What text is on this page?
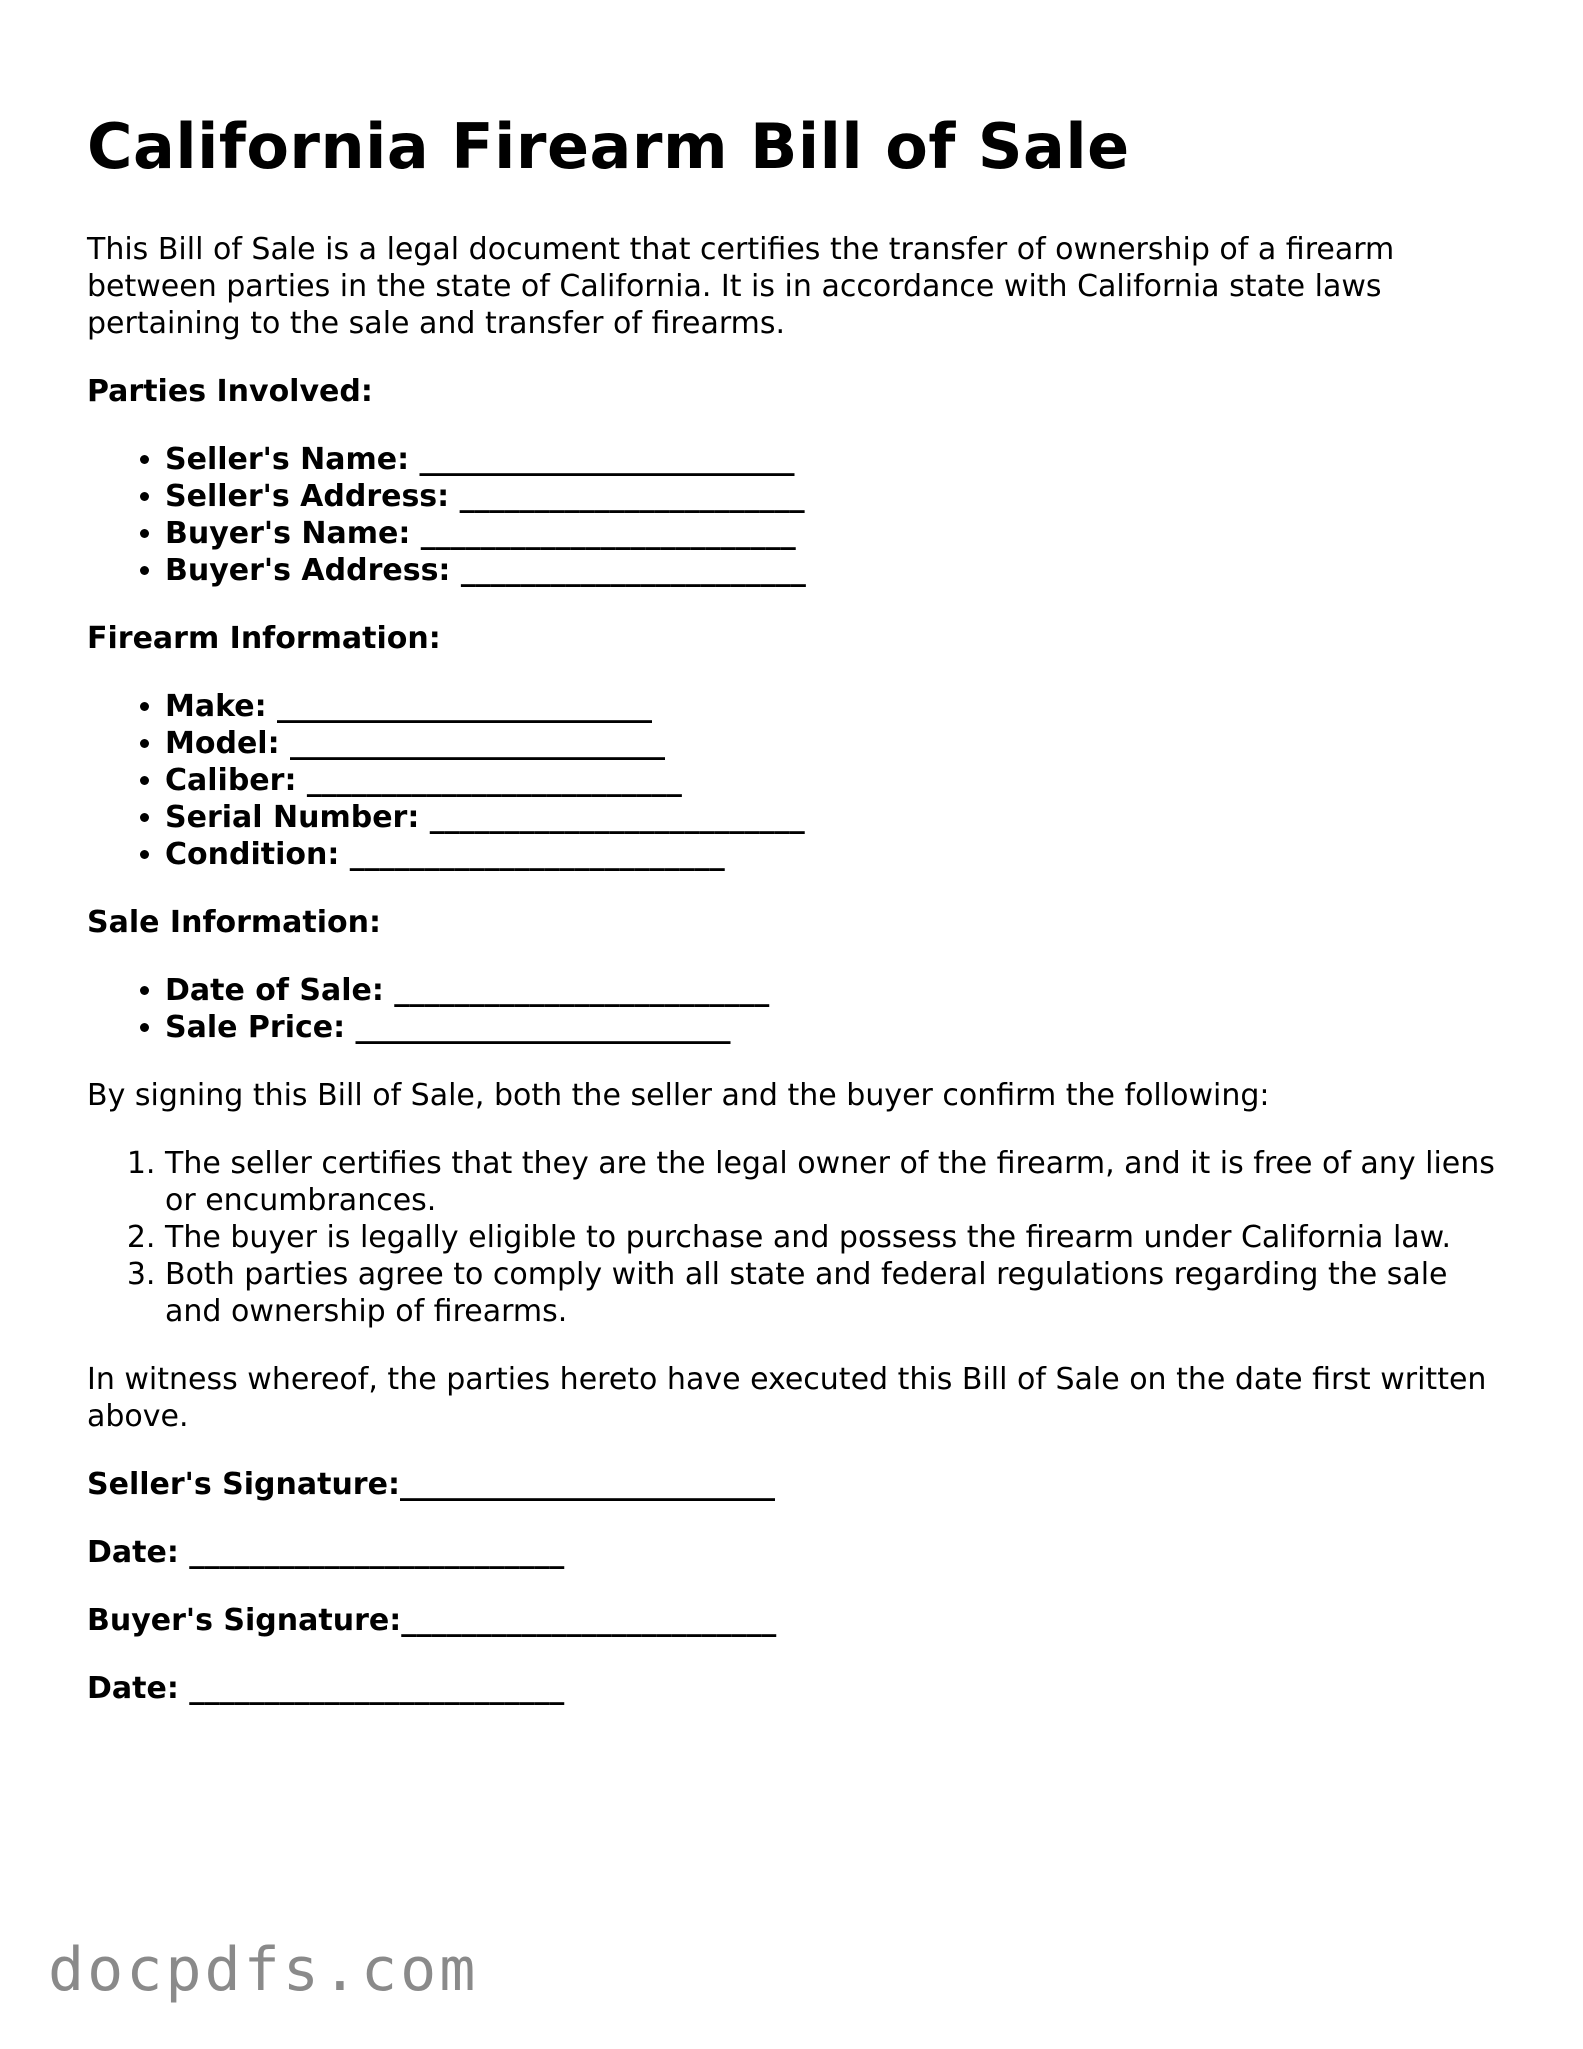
California Firearm Bill of Sale

This Bill of Sale is a legal document that certifies the transfer of ownership of a firearm between parties in the state of California. It is in accordance with California state laws pertaining to the sale and transfer of firearms.

Parties Involved:
• Seller's Name: _________________________
• Seller's Address: _______________________
• Buyer's Name: _________________________
• Buyer's Address: _______________________
Firearm Information:
• Make: _________________________
• Model: _________________________
• Caliber: _________________________
• Serial Number: _________________________
• Condition: _________________________
Sale Information:
• Date of Sale: _________________________
• Sale Price: _________________________

By signing this Bill of Sale, both the seller and the buyer confirm the following:

1. The seller certifies that they are the legal owner of the firearm, and it is free of any liens or encumbrances.
2. The buyer is legally eligible to purchase and possess the firearm under California law.
3. Both parties agree to comply with all state and federal regulations regarding the sale and ownership of firearms.

In witness whereof, the parties hereto have executed this Bill of Sale on the date first written above.

Seller's Signature:_________________________
Date: _________________________
Buyer's Signature:_________________________
Date: _________________________
docpdfs.com
